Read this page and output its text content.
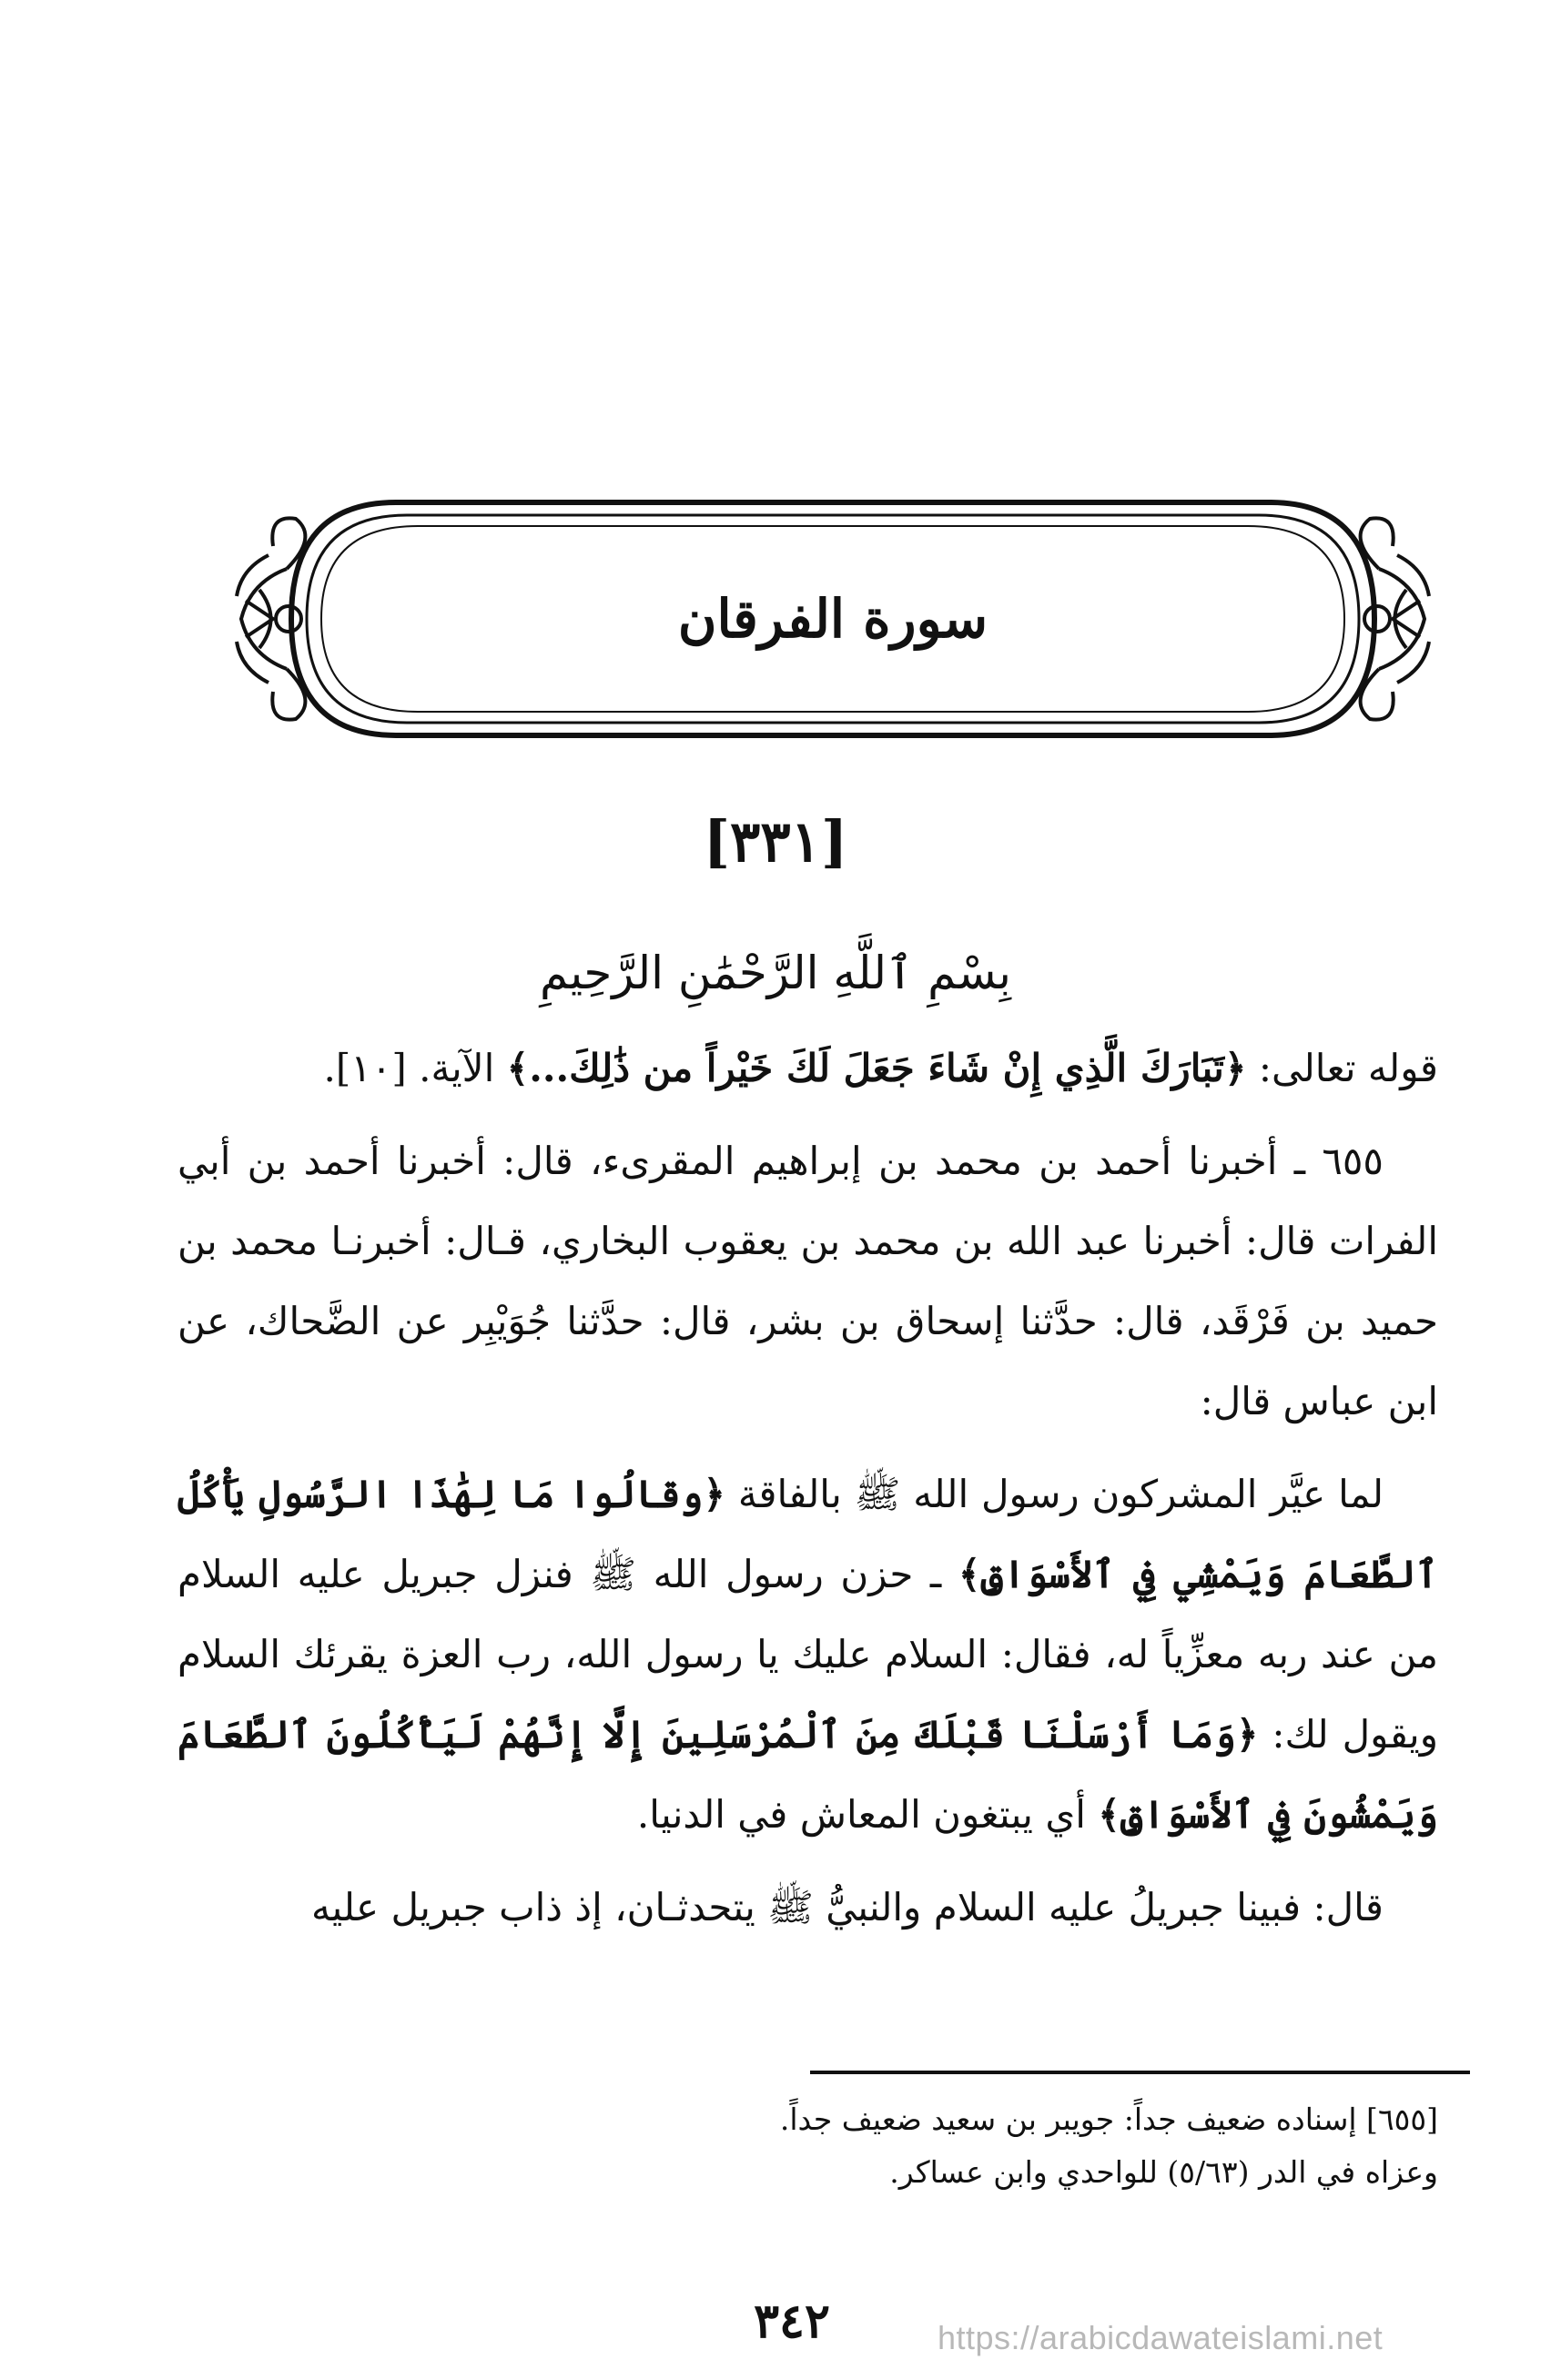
سورة الفرقان
[٣٣١]
بِسْمِ ٱللَّهِ الرَّحْمَٰنِ الرَّحِيمِ

قوله تعالى: ﴿تَبَارَكَ الَّذِي إِنْ شَاءَ جَعَلَ لَكَ خَيْراً من ذَٰلِكَ...﴾ الآية. [١٠].

٦٥٥ ـ أخبرنا أحمد بن محمد بن إبراهيم المقرىء، قال: أخبرنا أحمد بن أبي الفرات قال: أخبرنا عبد الله بن محمد بن يعقوب البخاري، قـال: أخبرنـا محمد بن حميد بن فَرْقَد، قال: حدَّثنا إسحاق بن بشر، قال: حدَّثنا جُوَيْبِر عن الضَّحاك، عن ابن عباس قال:

لما عيَّر المشركون رسول الله ﷺ بالفاقة ﴿وقالُوا مَا لِهَٰذَا الرَّسُولِ يَأْكُلُ ٱلطَّعَامَ وَيَمْشِي فِي ٱلأَسْوَاقِ﴾ ـ حزن رسول الله ﷺ فنزل جبريل عليه السلام من عند ربه معزِّياً له، فقال: السلام عليك يا رسول الله، رب العزة يقرئك السلام ويقول لك: ﴿وَمَا أَرْسَلْنَا قَبْلَكَ مِنَ ٱلْمُرْسَلِينَ إِلَّا إِنَّهُمْ لَيَأْكُلُونَ ٱلطَّعَامَ وَيَمْشُونَ فِي ٱلأَسْوَاقِ﴾ أي يبتغون المعاش في الدنيا.

قال: فبينا جبريلُ عليه السلام والنبيُّ ﷺ يتحدثـان، إذ ذاب جبريل عليه

[٦٥٥] إسناده ضعيف جداً: جويبر بن سعيد ضعيف جداً.

وعزاه في الدر (٥/٦٣) للواحدي وابن عساكر.

٣٤٢	https://arabicdawateislami.net
